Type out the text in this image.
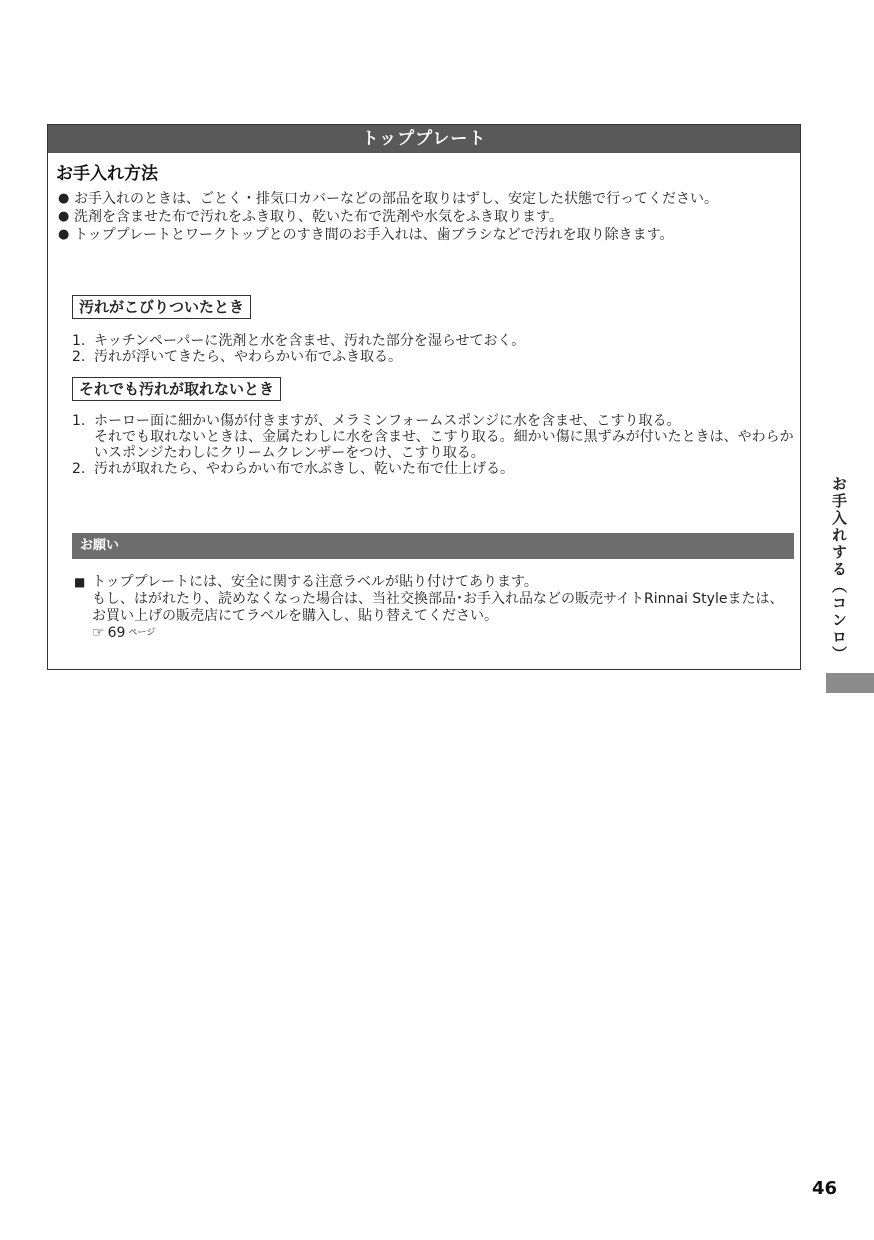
トッププレート
お手入れ方法
● お手入れのときは、ごとく・排気口カバーなどの部品を取りはずし、安定した状態で行ってください。
● 洗剤を含ませた布で汚れをふき取り、乾いた布で洗剤や水気をふき取ります。
● トッププレートとワークトップとのすき間のお手入れは、歯ブラシなどで汚れを取り除きます。
汚れがこびりついたとき
1. キッチンペーパーに洗剤と水を含ませ、汚れた部分を湿らせておく。
2. 汚れが浮いてきたら、やわらかい布でふき取る。
それでも汚れが取れないとき
1. ホーロー面に細かい傷が付きますが、メラミンフォームスポンジに水を含ませ、こすり取る。
それでも取れないときは、金属たわしに水を含ませ、こすり取る。細かい傷に黒ずみが付いたときは、やわらかいスポンジたわしにクリームクレンザーをつけ、こすり取る。
2. 汚れが取れたら、やわらかい布で水ぶきし、乾いた布で仕上げる。
お願い
■ トッププレートには、安全に関する注意ラベルが貼り付けてあります。
もし、はがれたり、読めなくなった場合は、当社交換部品･お手入れ品などの販売サイトRinnai Styleまたは、お買い上げの販売店にてラベルを購入し、貼り替えてください。
☞ 69 ページ	お手入れする（コンロ）
46
